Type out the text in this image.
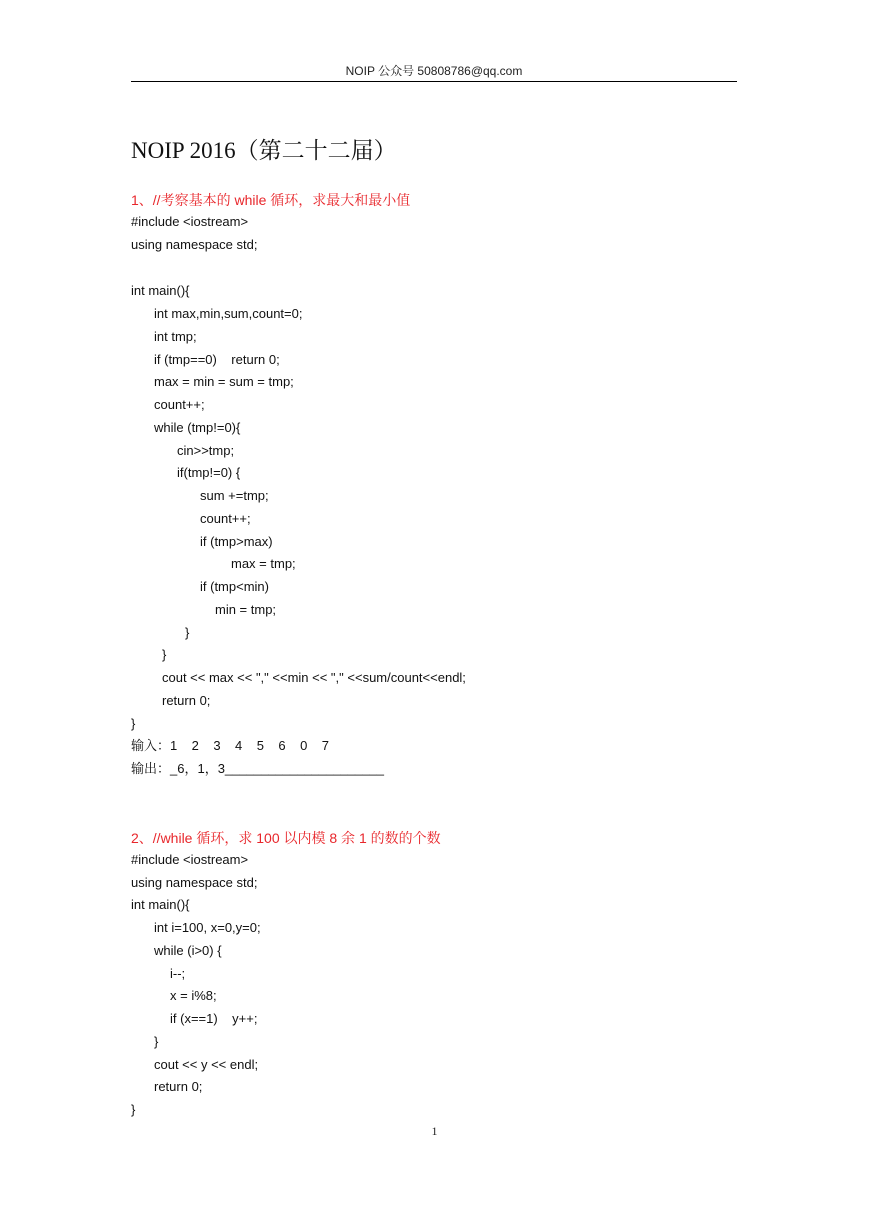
NOIP 公众号 50808786@qq.com
NOIP 2016（第二十二届）
1、//考察基本的 while 循环，求最大和最小值
#include <iostream>
using namespace std;
int main(){
int max,min,sum,count=0;
int tmp;
if (tmp==0)    return 0;
max = min = sum = tmp;
count++;
while (tmp!=0){
cin>>tmp;
if(tmp!=0) {
sum +=tmp;
count++;
if (tmp>max)
max = tmp;
if (tmp<min)
min = tmp;
}
}
cout << max << "," <<min << "," <<sum/count<<endl;
return 0;
}
输入：1    2    3    4    5    6    0    7
输出：_6，1，3______________________
2、//while 循环，求 100 以内模 8 余 1 的数的个数
#include <iostream>
using namespace std;
int main(){
int i=100, x=0,y=0;
while (i>0) {
i--;
x = i%8;
if (x==1)    y++;
}
cout << y << endl;
return 0;
}
1
